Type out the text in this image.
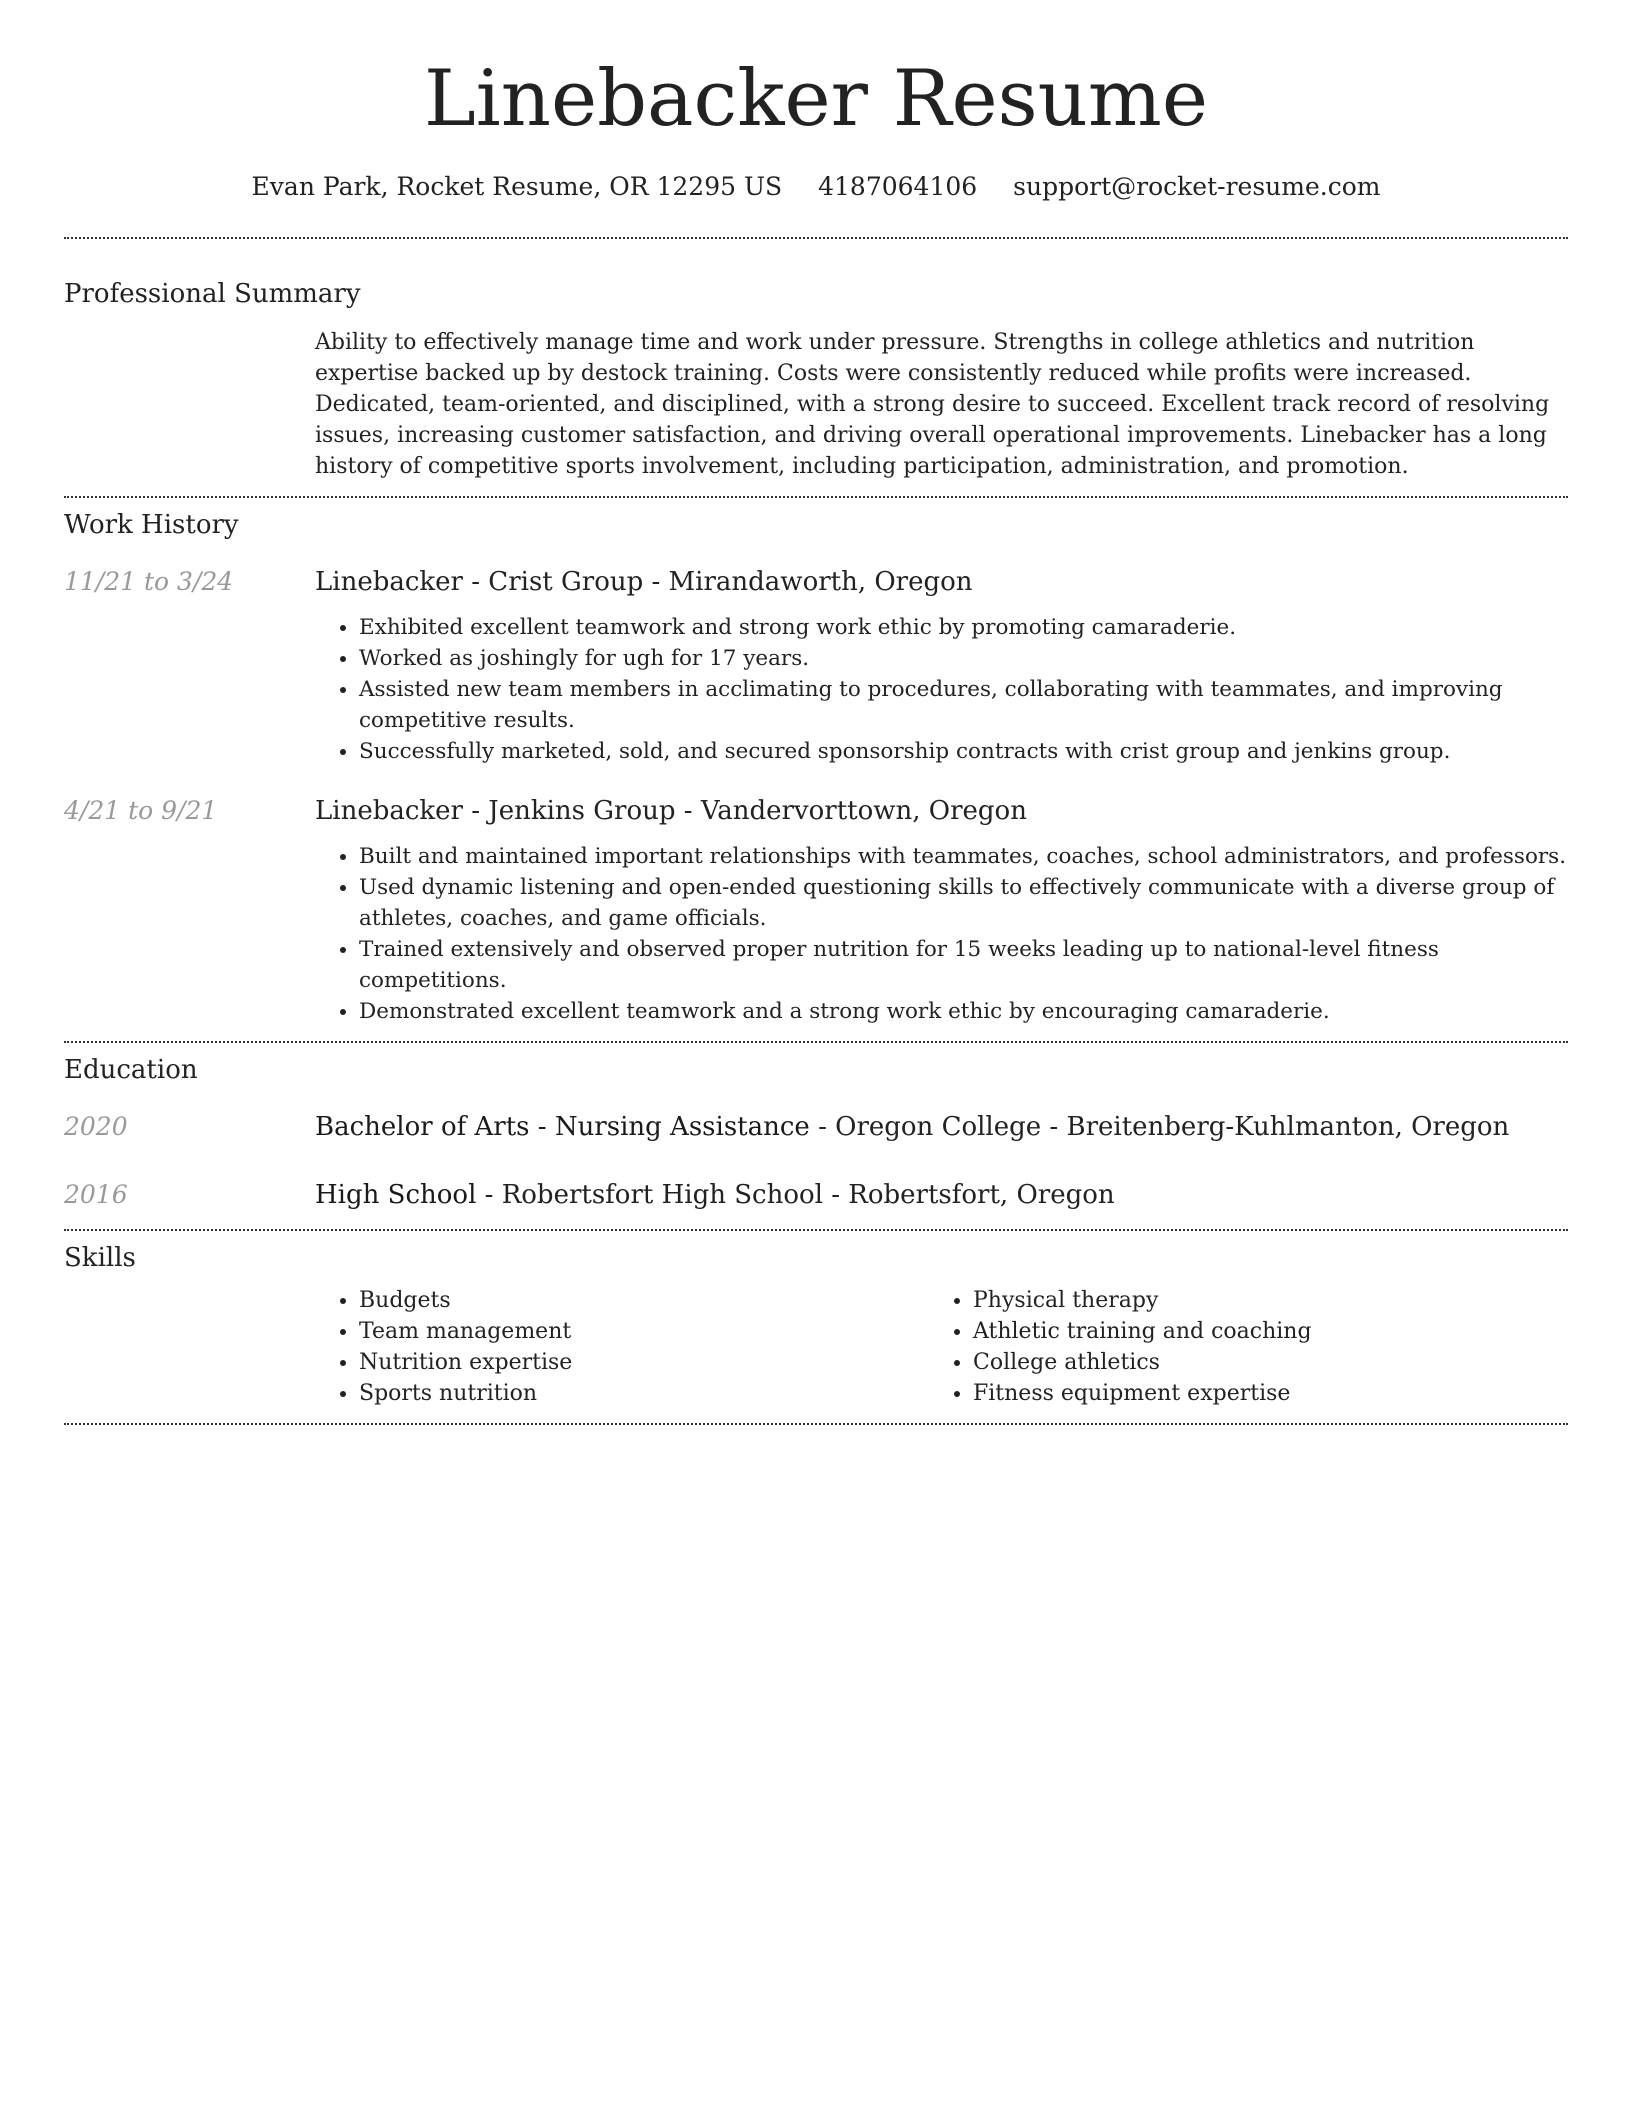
Linebacker Resume
Evan Park, Rocket Resume, OR 12295 US 4187064106 support@rocket-resume.com
Professional Summary

Ability to effectively manage time and work under pressure. Strengths in college athletics and nutrition expertise backed up by destock training. Costs were consistently reduced while profits were increased. Dedicated, team-oriented, and disciplined, with a strong desire to succeed. Excellent track record of resolving issues, increasing customer satisfaction, and driving overall operational improvements. Linebacker has a long history of competitive sports involvement, including participation, administration, and promotion.

Work History
11/21 to 3/24	Linebacker - Crist Group - Mirandaworth, Oregon
• Exhibited excellent teamwork and strong work ethic by promoting camaraderie.
• Worked as joshingly for ugh for 17 years.
• Assisted new team members in acclimating to procedures, collaborating with teammates, and improving competitive results.
• Successfully marketed, sold, and secured sponsorship contracts with crist group and jenkins group.
4/21 to 9/21	Linebacker - Jenkins Group - Vandervorttown, Oregon
• Built and maintained important relationships with teammates, coaches, school administrators, and professors.
• Used dynamic listening and open-ended questioning skills to effectively communicate with a diverse group of athletes, coaches, and game officials.
• Trained extensively and observed proper nutrition for 15 weeks leading up to national-level fitness competitions.
• Demonstrated excellent teamwork and a strong work ethic by encouraging camaraderie.
Education
2020	Bachelor of Arts - Nursing Assistance - Oregon College - Breitenberg-Kuhlmanton, Oregon
2016	High School - Robertsfort High School - Robertsfort, Oregon
Skills
• Budgets
• Team management
• Nutrition expertise
• Sports nutrition
• Physical therapy
• Athletic training and coaching
• College athletics
• Fitness equipment expertise
